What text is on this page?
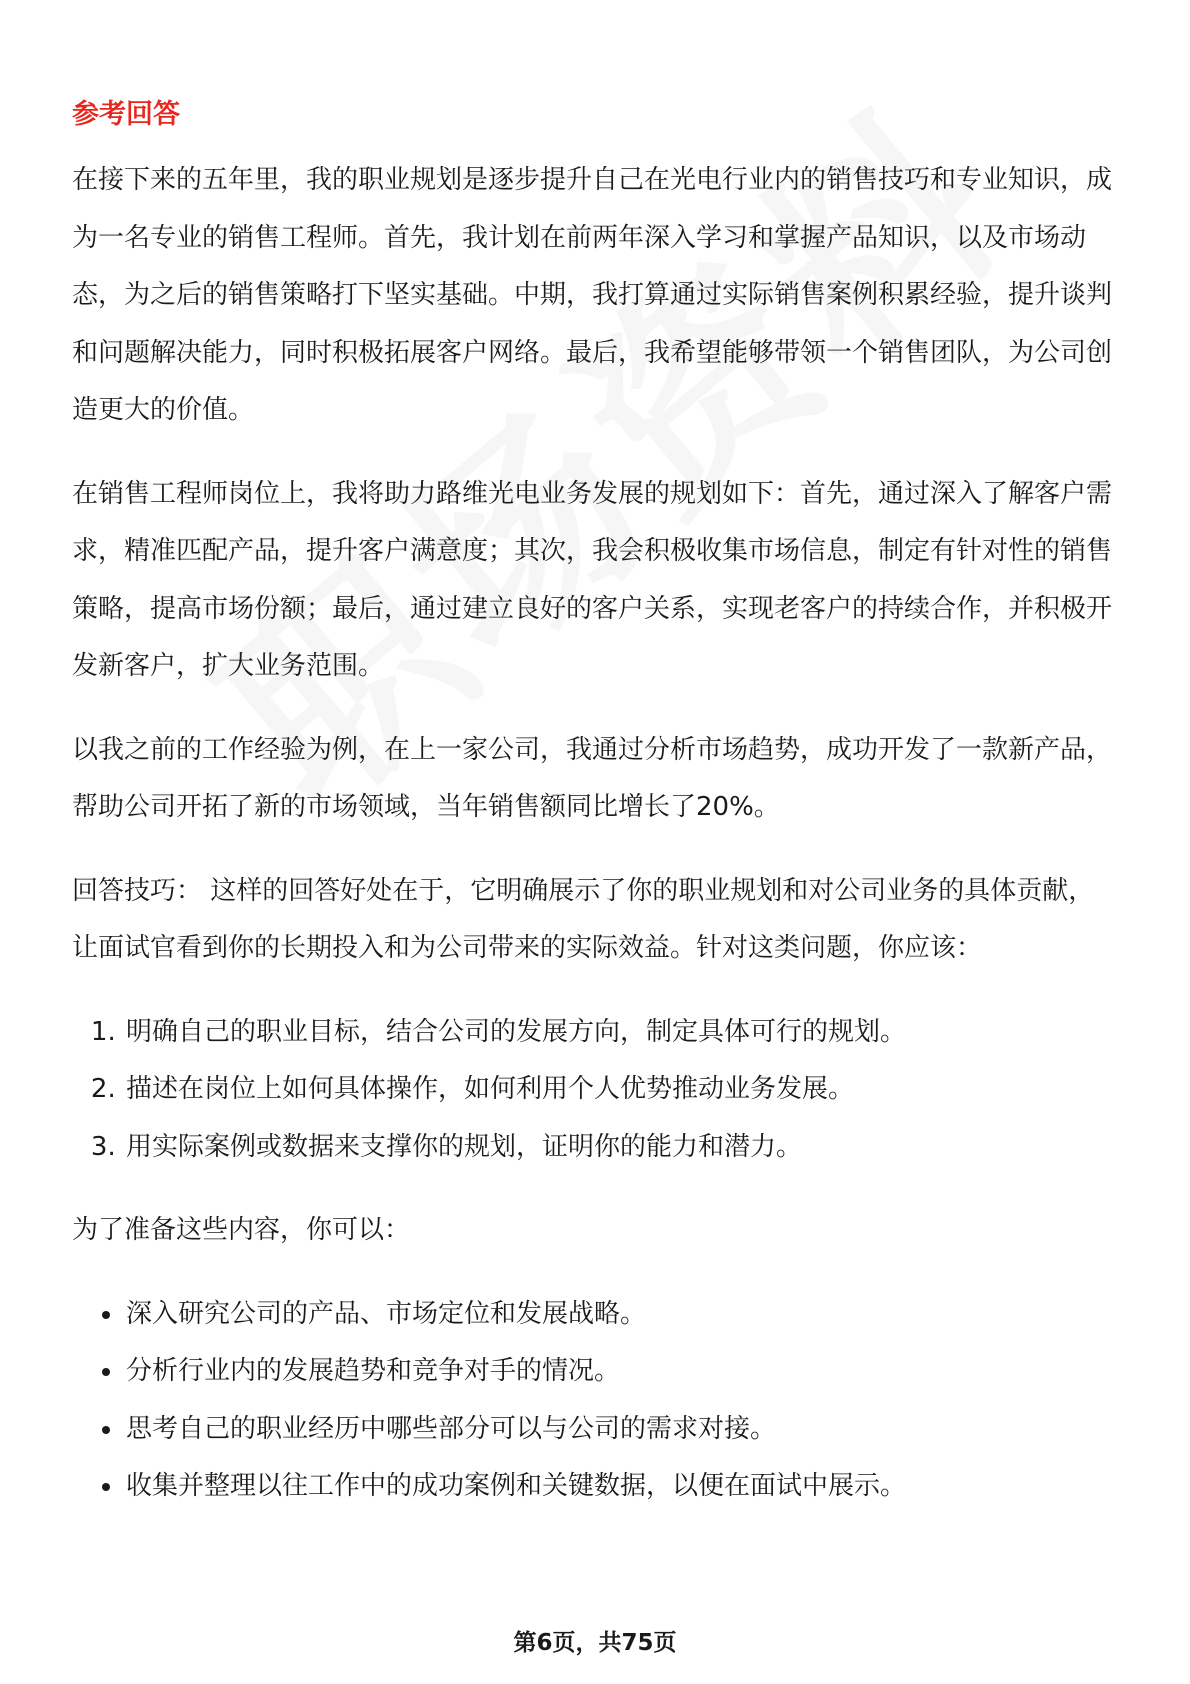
参考回答

在接下来的五年里，我的职业规划是逐步提升自己在光电行业内的销售技巧和专业知识，成为一名专业的销售工程师。首先，我计划在前两年深入学习和掌握产品知识，以及市场动态，为之后的销售策略打下坚实基础。中期，我打算通过实际销售案例积累经验，提升谈判和问题解决能力，同时积极拓展客户网络。最后，我希望能够带领一个销售团队，为公司创造更大的价值。

在销售工程师岗位上，我将助力路维光电业务发展的规划如下：首先，通过深入了解客户需求，精准匹配产品，提升客户满意度；其次，我会积极收集市场信息，制定有针对性的销售策略，提高市场份额；最后，通过建立良好的客户关系，实现老客户的持续合作，并积极开发新客户，扩大业务范围。

以我之前的工作经验为例，在上一家公司，我通过分析市场趋势，成功开发了一款新产品，帮助公司开拓了新的市场领域，当年销售额同比增长了20%。

回答技巧： 这样的回答好处在于，它明确展示了你的职业规划和对公司业务的具体贡献，让面试官看到你的长期投入和为公司带来的实际效益。针对这类问题，你应该：

1. 明确自己的职业目标，结合公司的发展方向，制定具体可行的规划。
2. 描述在岗位上如何具体操作，如何利用个人优势推动业务发展。
3. 用实际案例或数据来支撑你的规划，证明你的能力和潜力。

为了准备这些内容，你可以：

• 深入研究公司的产品、市场定位和发展战略。
• 分析行业内的发展趋势和竞争对手的情况。
• 思考自己的职业经历中哪些部分可以与公司的需求对接。
• 收集并整理以往工作中的成功案例和关键数据，以便在面试中展示。
第6页，共75页
